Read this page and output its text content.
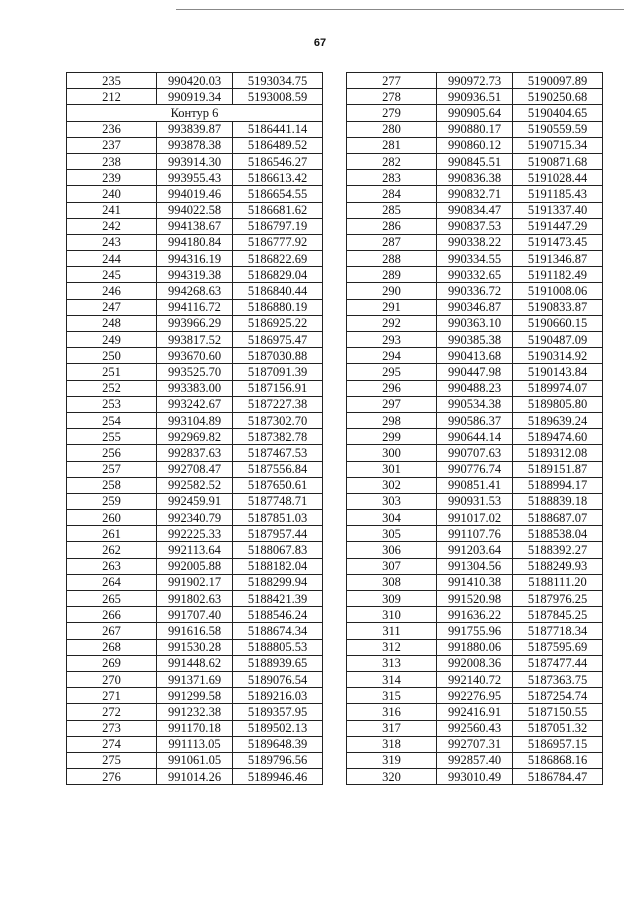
67
235	990420.03	5193034.75
212	990919.34	5193008.59
Контур 6		
236	993839.87	5186441.14
237	993878.38	5186489.52
238	993914.30	5186546.27
239	993955.43	5186613.42
240	994019.46	5186654.55
241	994022.58	5186681.62
242	994138.67	5186797.19
243	994180.84	5186777.92
244	994316.19	5186822.69
245	994319.38	5186829.04
246	994268.63	5186840.44
247	994116.72	5186880.19
248	993966.29	5186925.22
249	993817.52	5186975.47
250	993670.60	5187030.88
251	993525.70	5187091.39
252	993383.00	5187156.91
253	993242.67	5187227.38
254	993104.89	5187302.70
255	992969.82	5187382.78
256	992837.63	5187467.53
257	992708.47	5187556.84
258	992582.52	5187650.61
259	992459.91	5187748.71
260	992340.79	5187851.03
261	992225.33	5187957.44
262	992113.64	5188067.83
263	992005.88	5188182.04
264	991902.17	5188299.94
265	991802.63	5188421.39
266	991707.40	5188546.24
267	991616.58	5188674.34
268	991530.28	5188805.53
269	991448.62	5188939.65
270	991371.69	5189076.54
271	991299.58	5189216.03
272	991232.38	5189357.95
273	991170.18	5189502.13
274	991113.05	5189648.39
275	991061.05	5189796.56
276	991014.26	5189946.46
277	990972.73	5190097.89
278	990936.51	5190250.68
279	990905.64	5190404.65
280	990880.17	5190559.59
281	990860.12	5190715.34
282	990845.51	5190871.68
283	990836.38	5191028.44
284	990832.71	5191185.43
285	990834.47	5191337.40
286	990837.53	5191447.29
287	990338.22	5191473.45
288	990334.55	5191346.87
289	990332.65	5191182.49
290	990336.72	5191008.06
291	990346.87	5190833.87
292	990363.10	5190660.15
293	990385.38	5190487.09
294	990413.68	5190314.92
295	990447.98	5190143.84
296	990488.23	5189974.07
297	990534.38	5189805.80
298	990586.37	5189639.24
299	990644.14	5189474.60
300	990707.63	5189312.08
301	990776.74	5189151.87
302	990851.41	5188994.17
303	990931.53	5188839.18
304	991017.02	5188687.07
305	991107.76	5188538.04
306	991203.64	5188392.27
307	991304.56	5188249.93
308	991410.38	5188111.20
309	991520.98	5187976.25
310	991636.22	5187845.25
311	991755.96	5187718.34
312	991880.06	5187595.69
313	992008.36	5187477.44
314	992140.72	5187363.75
315	992276.95	5187254.74
316	992416.91	5187150.55
317	992560.43	5187051.32
318	992707.31	5186957.15
319	992857.40	5186868.16
320	993010.49	5186784.47
